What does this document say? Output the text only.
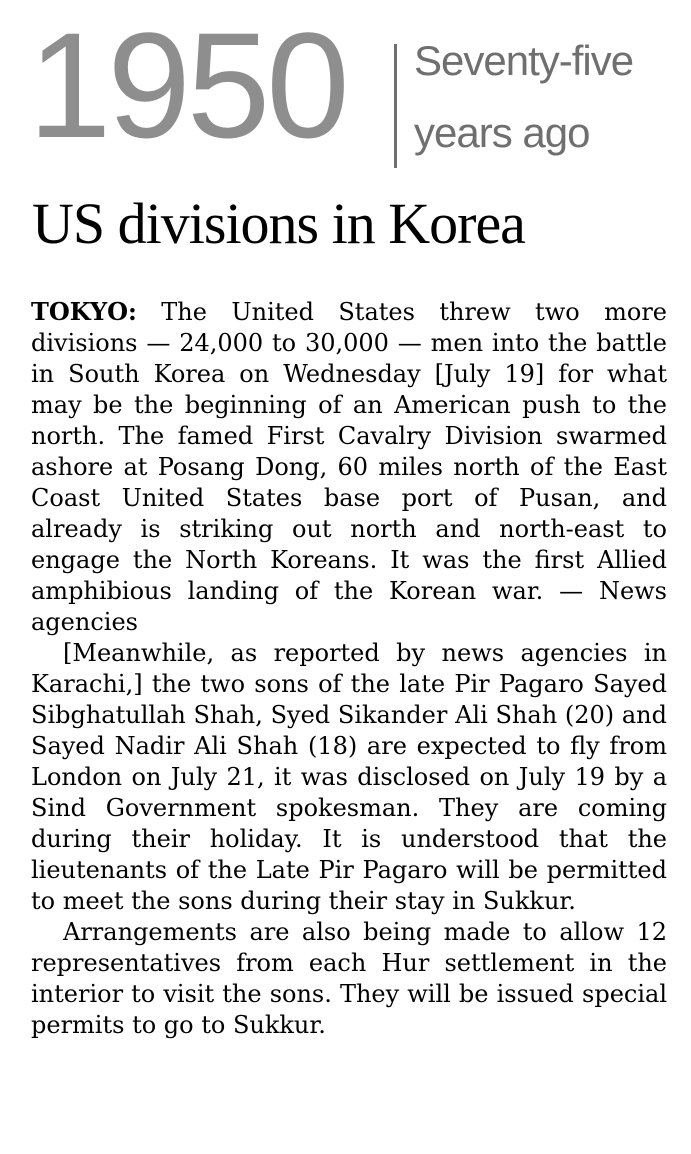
1950 Seventy-five
years ago
US divisions in Korea

TOKYO: The United States threw two more divisions — 24,000 to 30,000 — men into the battle in South Korea on Wednesday [July 19] for what may be the beginning of an American push to the north. The famed First Cavalry Division swarmed ashore at Posang Dong, 60 miles north of the East Coast United States base port of Pusan, and already is striking out north and north-east to engage the North Koreans. It was the first Allied amphibious landing of the Korean war. — News agencies

[Meanwhile, as reported by news agencies in Karachi,] the two sons of the late Pir Pagaro Sayed Sibghatullah Shah, Syed Sikander Ali Shah (20) and Sayed Nadir Ali Shah (18) are expected to fly from London on July 21, it was disclosed on July 19 by a Sind Government spokesman. They are coming during their holiday. It is understood that the lieutenants of the Late Pir Pagaro will be permitted to meet the sons during their stay in Sukkur.

Arrangements are also being made to allow 12 representatives from each Hur settlement in the interior to visit the sons. They will be issued special permits to go to Sukkur.
